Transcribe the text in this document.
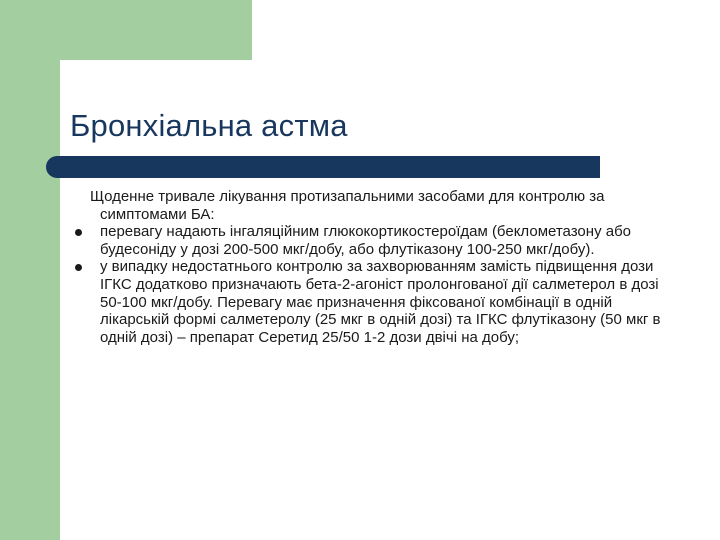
Бронхіальна астма

Щоденне тривале лікування протизапальними засобами для контролю за симптомами БА:

перевагу надають інгаляційним глюкокортикостероїдам (беклометазону або будесоніду у дозі 200-500 мкг/добу, або флутіказону 100-250 мкг/добу).
у випадку недостатнього контролю за захворюванням замість підвищення дози ІГКС додатково призначають бета-2-агоніст пролонгованої дії салметерол в дозі 50-100 мкг/добу. Перевагу має призначення фіксованої комбінації в одній лікарській формі салметеролу (25 мкг в одній дозі) та ІГКС флутіказону (50 мкг в одній дозі) – препарат Серетид 25/50 1-2 дози двічі на добу;
